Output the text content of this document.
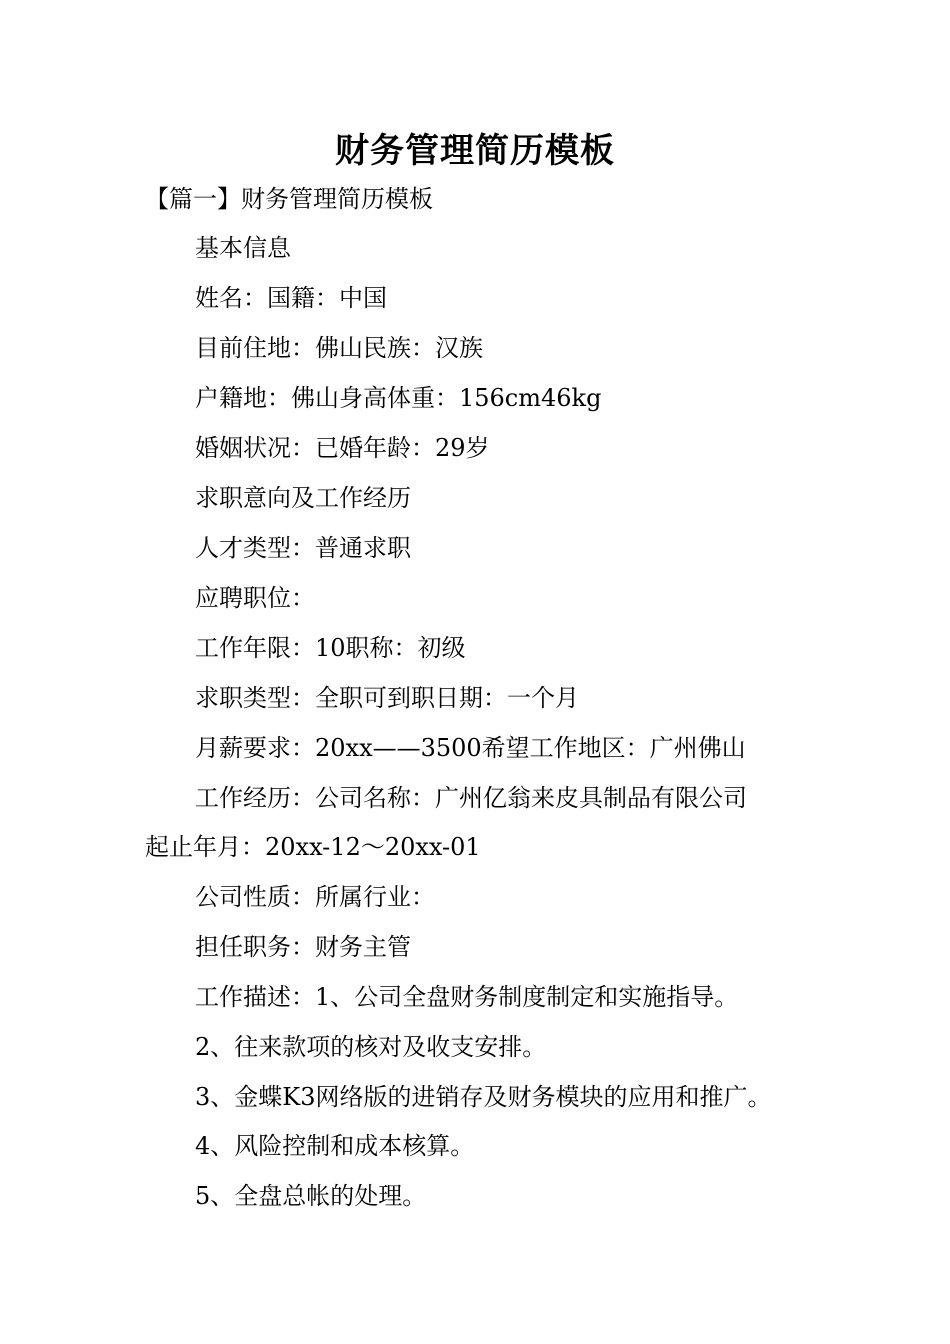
财务管理简历模板

【篇一】财务管理简历模板

基本信息

姓名：国籍：中国

目前住地：佛山民族：汉族

户籍地：佛山身高体重：156cm46kg

婚姻状况：已婚年龄：29岁

求职意向及工作经历

人才类型：普通求职

应聘职位：

工作年限：10职称：初级

求职类型：全职可到职日期：一个月

月薪要求：20xx——3500希望工作地区：广州佛山

工作经历：公司名称：广州亿翁来皮具制品有限公司

起止年月：20xx-12～20xx-01

公司性质：所属行业：

担任职务：财务主管

工作描述：1、公司全盘财务制度制定和实施指导。

2、往来款项的核对及收支安排。

3、金蝶K3网络版的进销存及财务模块的应用和推广。

4、风险控制和成本核算。

5、全盘总帐的处理。
